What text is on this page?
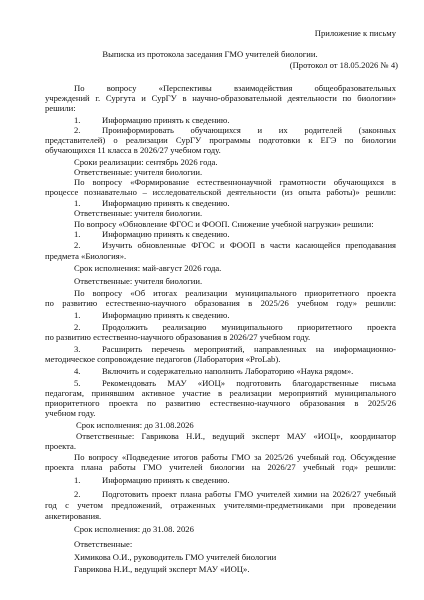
Приложение к письму
Выписка из протокола заседания ГМО учителей биологии.
(Протокол от 18.05.2026 № 4)
По вопросу «Перспективы взаимодействия общеобразовательных
учреждений г. Сургута и СурГУ в научно-образовательной деятельности по биологии»
решили:
1.	Информацию принять к сведению.
2.	Проинформировать обучающихся и их родителей (законных
представителей) о реализации СурГУ программы подготовки к ЕГЭ по биологии
обучающихся 11 класса в 2026/27 учебном году.
Сроки реализации: сентябрь 2026 года.
Ответственные: учителя биологии.
По вопросу «Формирование естественнонаучной грамотности обучающихся в
процессе познавательно – исследовательской деятельности (из опыта работы)» решили:
1.	Информацию принять к сведению.
Ответственные: учителя биологии.
По вопросу «Обновление ФГОС и ФООП. Снижение учебной нагрузки» решили:
1.	Информацию принять к сведению.
2.	Изучить обновленные ФГОС и ФООП в части касающейся преподавания
предмета «Биология».
Срок исполнения: май-август 2026 года.
Ответственные: учителя биологии.
По вопросу «Об итогах реализации муниципального приоритетного проекта
по развитию естественно-научного образования в 2025/26 учебном году» решили:
1.	Информацию принять к сведению.
2.	Продолжить реализацию муниципального приоритетного проекта
по развитию естественно-научного образования в 2026/27 учебном году.
3.	Расширить перечень мероприятий, направленных на информационно-
методическое сопровождение педагогов (Лаборатория «ProLab).
4.	Включить и содержательно наполнить Лабораторию «Наука рядом».
5.	Рекомендовать МАУ «ИОЦ» подготовить благодарственные письма
педагогам, принявшим активное участие в реализации мероприятий муниципального
приоритетного проекта по развитию естественно-научного образования в 2025/26
учебном году.
Срок исполнения: до 31.08.2026
Ответственные: Гаврикова Н.И., ведущий эксперт МАУ «ИОЦ», координатор
проекта.
По вопросу «Подведение итогов работы ГМО за 2025/26 учебный год. Обсуждение
проекта плана работы ГМО учителей биологии на 2026/27 учебный год» решили:
1.	Информацию принять к сведению.
2.	Подготовить проект плана работы ГМО учителей химии на 2026/27 учебный
год с учетом предложений, отраженных учителями-предметниками при проведении
анкетирования.
Срок исполнения: до 31.08. 2026
Ответственные:
Химикова О.И., руководитель ГМО учителей биологии
Гаврикова Н.И., ведущий эксперт МАУ «ИОЦ».
